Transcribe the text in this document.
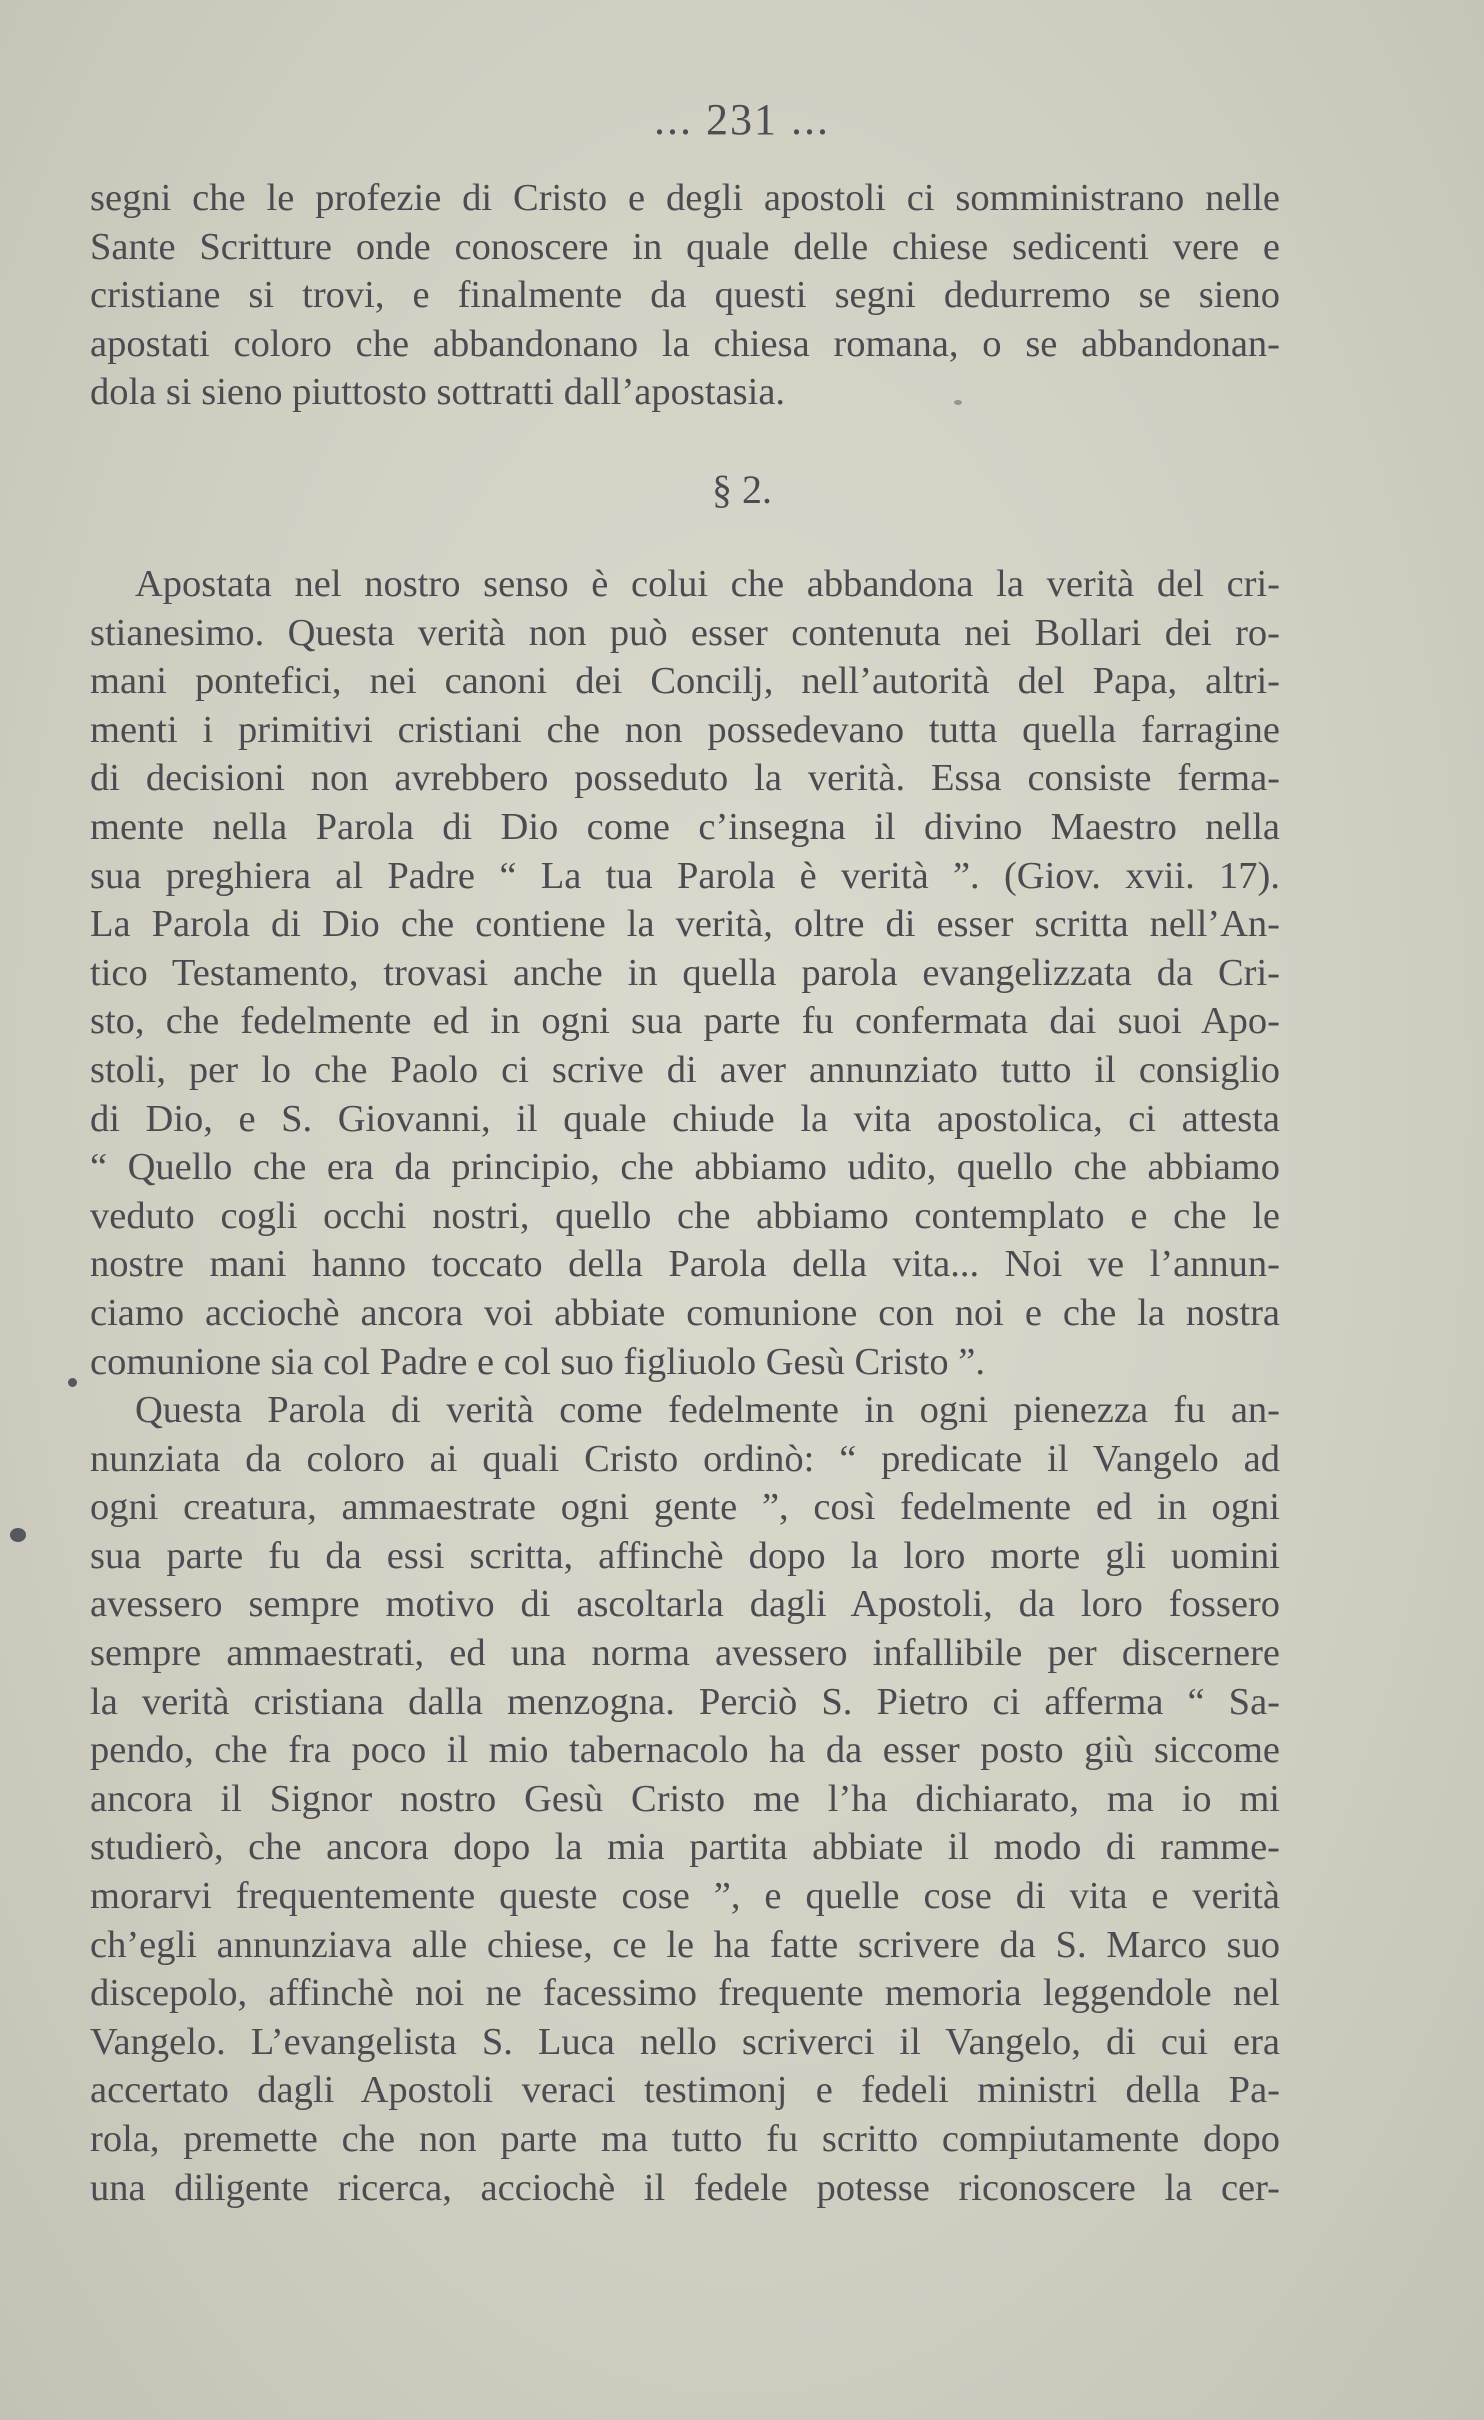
... 231 ...
segni che le profezie di Cristo e degli apostoli ci somministrano nelle
Sante Scritture onde conoscere in quale delle chiese sedicenti vere e
cristiane si trovi, e finalmente da questi segni dedurremo se sieno
apostati coloro che abbandonano la chiesa romana, o se abbandonan-
dola si sieno piuttosto sottratti dall’apostasia.
§ 2.
Apostata nel nostro senso è colui che abbandona la verità del cri-
stianesimo. Questa verità non può esser contenuta nei Bollari dei ro-
mani pontefici, nei canoni dei Concilj, nell’autorità del Papa, altri-
menti i primitivi cristiani che non possedevano tutta quella farragine
di decisioni non avrebbero posseduto la verità. Essa consiste ferma-
mente nella Parola di Dio come c’insegna il divino Maestro nella
sua preghiera al Padre “ La tua Parola è verità ”. (Giov. xvii. 17).
La Parola di Dio che contiene la verità, oltre di esser scritta nell’An-
tico Testamento, trovasi anche in quella parola evangelizzata da Cri-
sto, che fedelmente ed in ogni sua parte fu confermata dai suoi Apo-
stoli, per lo che Paolo ci scrive di aver annunziato tutto il consiglio
di Dio, e S. Giovanni, il quale chiude la vita apostolica, ci attesta
“ Quello che era da principio, che abbiamo udito, quello che abbiamo
veduto cogli occhi nostri, quello che abbiamo contemplato e che le
nostre mani hanno toccato della Parola della vita... Noi ve l’annun-
ciamo acciochè ancora voi abbiate comunione con noi e che la nostra
comunione sia col Padre e col suo figliuolo Gesù Cristo ”.
Questa Parola di verità come fedelmente in ogni pienezza fu an-
nunziata da coloro ai quali Cristo ordinò: “ predicate il Vangelo ad
ogni creatura, ammaestrate ogni gente ”, così fedelmente ed in ogni
sua parte fu da essi scritta, affinchè dopo la loro morte gli uomini
avessero sempre motivo di ascoltarla dagli Apostoli, da loro fossero
sempre ammaestrati, ed una norma avessero infallibile per discernere
la verità cristiana dalla menzogna. Perciò S. Pietro ci afferma “ Sa-
pendo, che fra poco il mio tabernacolo ha da esser posto giù siccome
ancora il Signor nostro Gesù Cristo me l’ha dichiarato, ma io mi
studierò, che ancora dopo la mia partita abbiate il modo di ramme-
morarvi frequentemente queste cose ”, e quelle cose di vita e verità
ch’egli annunziava alle chiese, ce le ha fatte scrivere da S. Marco suo
discepolo, affinchè noi ne facessimo frequente memoria leggendole nel
Vangelo. L’evangelista S. Luca nello scriverci il Vangelo, di cui era
accertato dagli Apostoli veraci testimonj e fedeli ministri della Pa-
rola, premette che non parte ma tutto fu scritto compiutamente dopo
una diligente ricerca, acciochè il fedele potesse riconoscere la cer-
